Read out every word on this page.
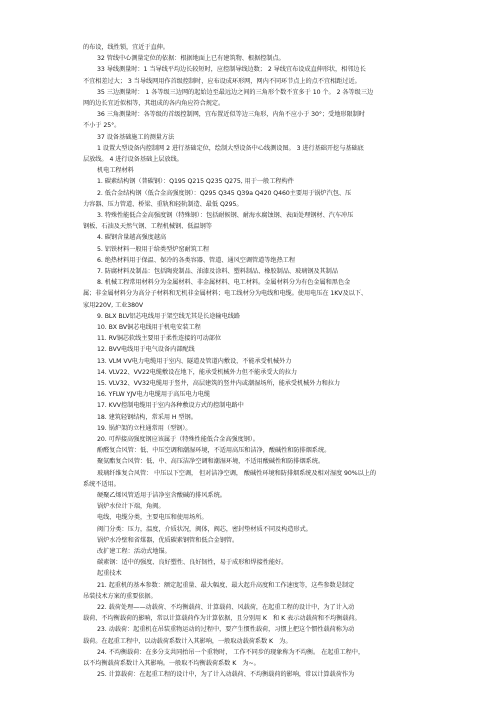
的布设，线性锁，宜近于直伸。
32 管线中心测量定位的依据：根据地面上已有建筑物、根据控制点。
33 导线测量时：1 当导线平均边长较短时，应控制导线边数； 2 导线宜布设成直伸形状，相邻边长
不宜相差过大； 3 当导线网用作首级控制时，应布设成环形网，网内不同环节点上的点不宜相距过近。
35 三边测量时： 1 各等级三边网的起始边至最远边之间的三角形个数不宜多于 10 个。 2 各等级三边
网的边长宜近似相等，其组成的各内角应符合规定。
36 三角测量时：各等级的首级控制网，宜布置近似等边三角形，内角不应小于 30°；受地形限制时
不小于 25°。
37 设备基础施工的测量方法
1 设置大型设备内控制网 2 进行基础定位，绘制大型设备中心线测设图。 3 进行基础开挖与基础底
层放线。 4 进行设备基础上层放线。
机电工程材料
1. 碳素结构钢（普碳钢）：Q195 Q215 Q235 Q275, 用于一般工程构件
2. 低合金结构钢（低合金高强度钢）：Q295 Q345 Q39a Q420 Q460主要用于锅炉汽包、压
力容器、压力管道、桥梁、重轨和轻轨制造、最低 Q295。
3. 特殊性能低合金高强度钢（特殊钢）：包括耐候钢、耐海水腐蚀钢、表面处理钢材、汽车冲压
钢板、石油及天然气钢、工程机械钢、低温钢等
4. 碳钢含量越高强度越高
5. 铝铁材料一般用于给类型炉窑耐筑工程
6. 绝热材料用于保温、保冷的各类容器、管道、通风空调管道等绝热工程
7. 防腐材料及制品：包括陶瓷制品、油漆及涂料、塑料制品、橡胶制品、玻璃钢及其制品
8. 机械工程常用材料分为金属材料、非金属材料、电工材料。金属材料分为有色金属和黑色金
属；非金属材料分为高分子材料和无机非金属材料；电工线材分为电线和电缆。使用电压在 1KV及以下、
家用220V, 工业380V
9. BLX BLV铝芯电线用于架空线无其是长途输电线路
10. BX BV铜芯电线用于机电安装工程
11. RV铜芯软线主要用于柔性连接的可动部位
12. BVV电线用于电气设备内部配线
13. VLM VV电力电缆用于室内、隧道及管道内敷设，不能承受机械外力
14. VLV22、VV22电缆敷设在地下，能承受机械外力但不能承受大的拉力
15. VLV32、VV32电缆用于竖井，高层建筑的竖井内或潮湿场所，能承受机械外力和拉力
16. YFLW YJV电力电缆用于高压电力电缆
17. KVV控制电缆用于室内各种敷设方式的控制电路中
18. 建筑轻钢结构，常采用 H 型钢。
19. 锅炉架的立柱通常用（型钢）。
20. 可焊接高强度钢应该属于（特殊性能低合金高强度钢）。
酚醛复合风管：低、中压空调和潮湿环境，不适用高压和洁净，酸碱性和防排烟系统。
聚氨酯复合风管：低、中、高压洁净空调和潮湿环境，不适用酸碱性和防排烟系统。
玻璃纤维复合风管： 中压以下空调， 但对洁净空调， 酸碱性环境和防排烟系统及相对湿度 90%以上的
系统不适用。
硬聚乙烯风管适用于洁净室含酸碱的排风系统。
锅炉水位计下端，角阀。
电线、电缆分类，主要电压和使用场所。
阀门分类：压力，温度，介质状况，阀体，阀芯，密封垫材质不同及构造形式。
锅炉水冷壁和省煤器，优质碳素钢管和低合金钢管。
改扩建工程：活动式地锚。
碳素钢：适中的强度、良好塑性、良好韧性，易于成形和焊接性能好。
起重技术
21. 起重机的基本参数：额定起重量、最大幅度、最大起升高度和工作速度等，这些参数是制定
吊装技术方案的重要依据。
22. 载荷处理——动载荷、不均衡载荷、计算载荷、风载荷，在起重工程的设计中，为了计入动
载荷、不均衡载荷的影响，常以计算载荷作为计算依据，且分别用 K　和 K 表示动载荷和不均衡载荷。
23. 动载荷：起重机在吊装重物运动的过程中，要产生惯性载荷，习惯上把这个惯性载荷称为动
载荷。在起重工程中，以动载荷系数计入其影响，一般取动载荷系数 K　为。
24. 不均衡载荷：在多分支共同抬吊一个重物时， 工作不同步的现象称为不均衡。 在起重工程中，
以不均衡载荷系数计入其影响。一般取不均衡载荷系数 K　为~。
25. 计算载荷：在起重工程的设计中，为了计入动载荷、不均衡载荷的影响，常以计算载荷作为
